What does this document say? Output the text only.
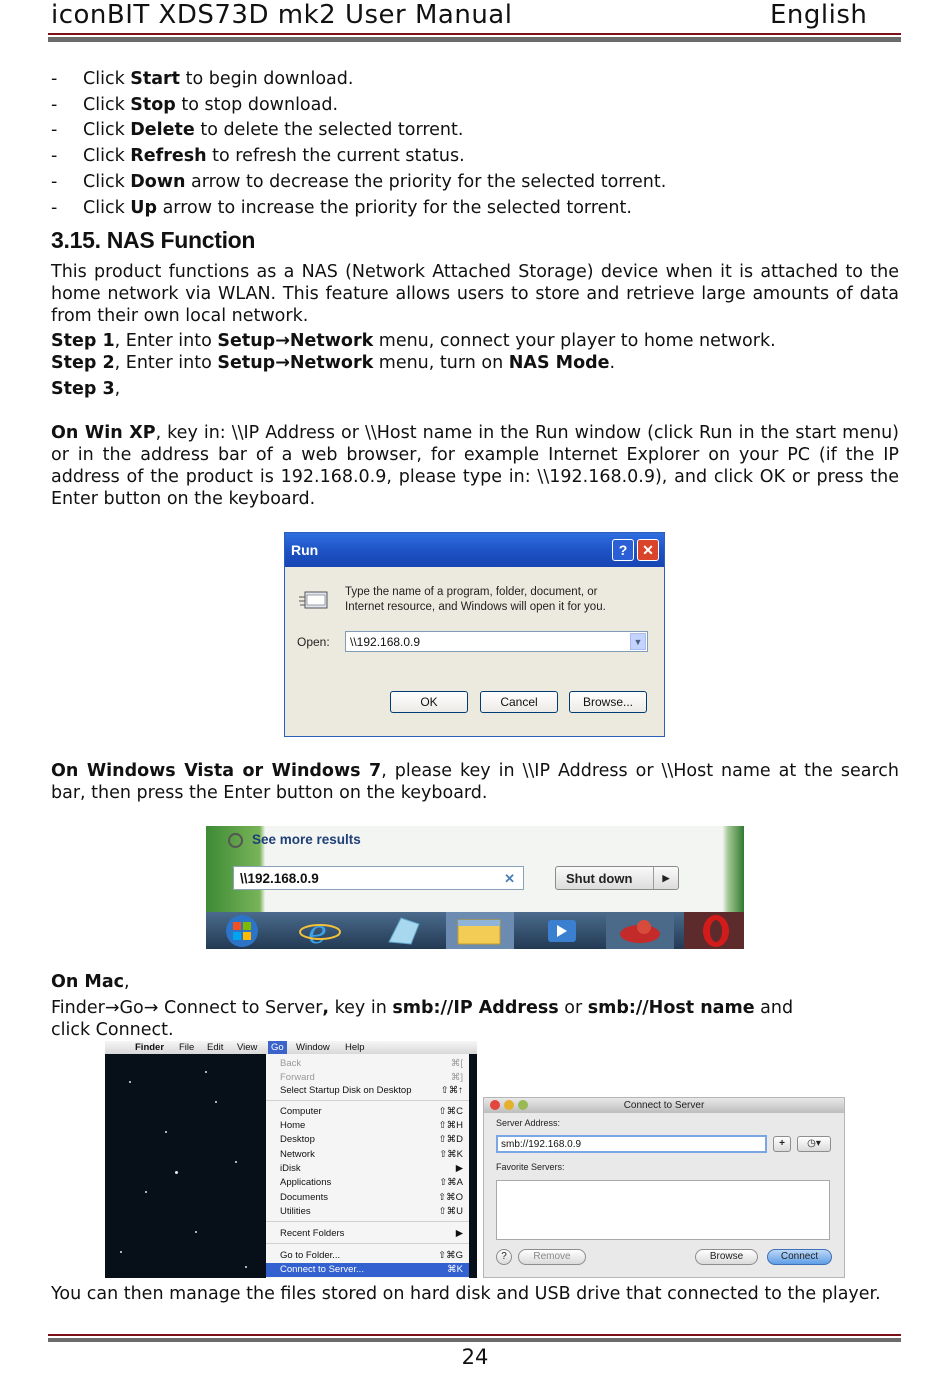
iconBIT XDS73D mk2 User Manual	English
- Click Start to begin download.
- Click Stop to stop download.
- Click Delete to delete the selected torrent.
- Click Refresh to refresh the current status.
- Click Down arrow to decrease the priority for the selected torrent.
- Click Up arrow to increase the priority for the selected torrent.
3.15. NAS Function
This product functions as a NAS (Network Attached Storage) device when it is attached to the home network via WLAN. This feature allows users to store and retrieve large amounts of data from their own local network.
Step 1, Enter into Setup→Network menu, connect your player to home network.
Step 2, Enter into Setup→Network menu, turn on NAS Mode.
Step 3,
On Win XP, key in: \\IP Address or \\Host name in the Run window (click Run in the start menu) or in the address bar of a web browser, for example Internet Explorer on your PC (if the IP address of the product is 192.168.0.9, please type in: \\192.168.0.9), and click OK or press the Enter button on the keyboard.
Run	?	✕
Type the name of a program, folder, document, or
Internet resource, and Windows will open it for you.
Open:	\\192.168.0.9	▼
OK	Cancel	Browse...
On Windows Vista or Windows 7, please key in \\IP Address or \\Host name at the search bar, then press the Enter button on the keyboard.
See more results
\\192.168.0.9	✕	Shut down	▶
e
On Mac,
Finder→Go→ Connect to Server, key in smb://IP Address or smb://Host name and
click Connect.
Finder File Edit View	Go	Window Help
Back	⌘[
Forward	⌘]
Select Startup Disk on Desktop	⇧⌘↑
Computer	⇧⌘C
Home	⇧⌘H
Desktop	⇧⌘D
Network	⇧⌘K
iDisk	▶
Applications	⇧⌘A
Documents	⇧⌘O
Utilities	⇧⌘U
Recent Folders	▶
Go to Folder...	⇧⌘G
Connect to Server...	⌘K
Connect to Server
Server Address:
smb://192.168.0.9	+	◷▾
Favorite Servers:
?	Remove	Browse	Connect
You can then manage the files stored on hard disk and USB drive that connected to the player.
24
